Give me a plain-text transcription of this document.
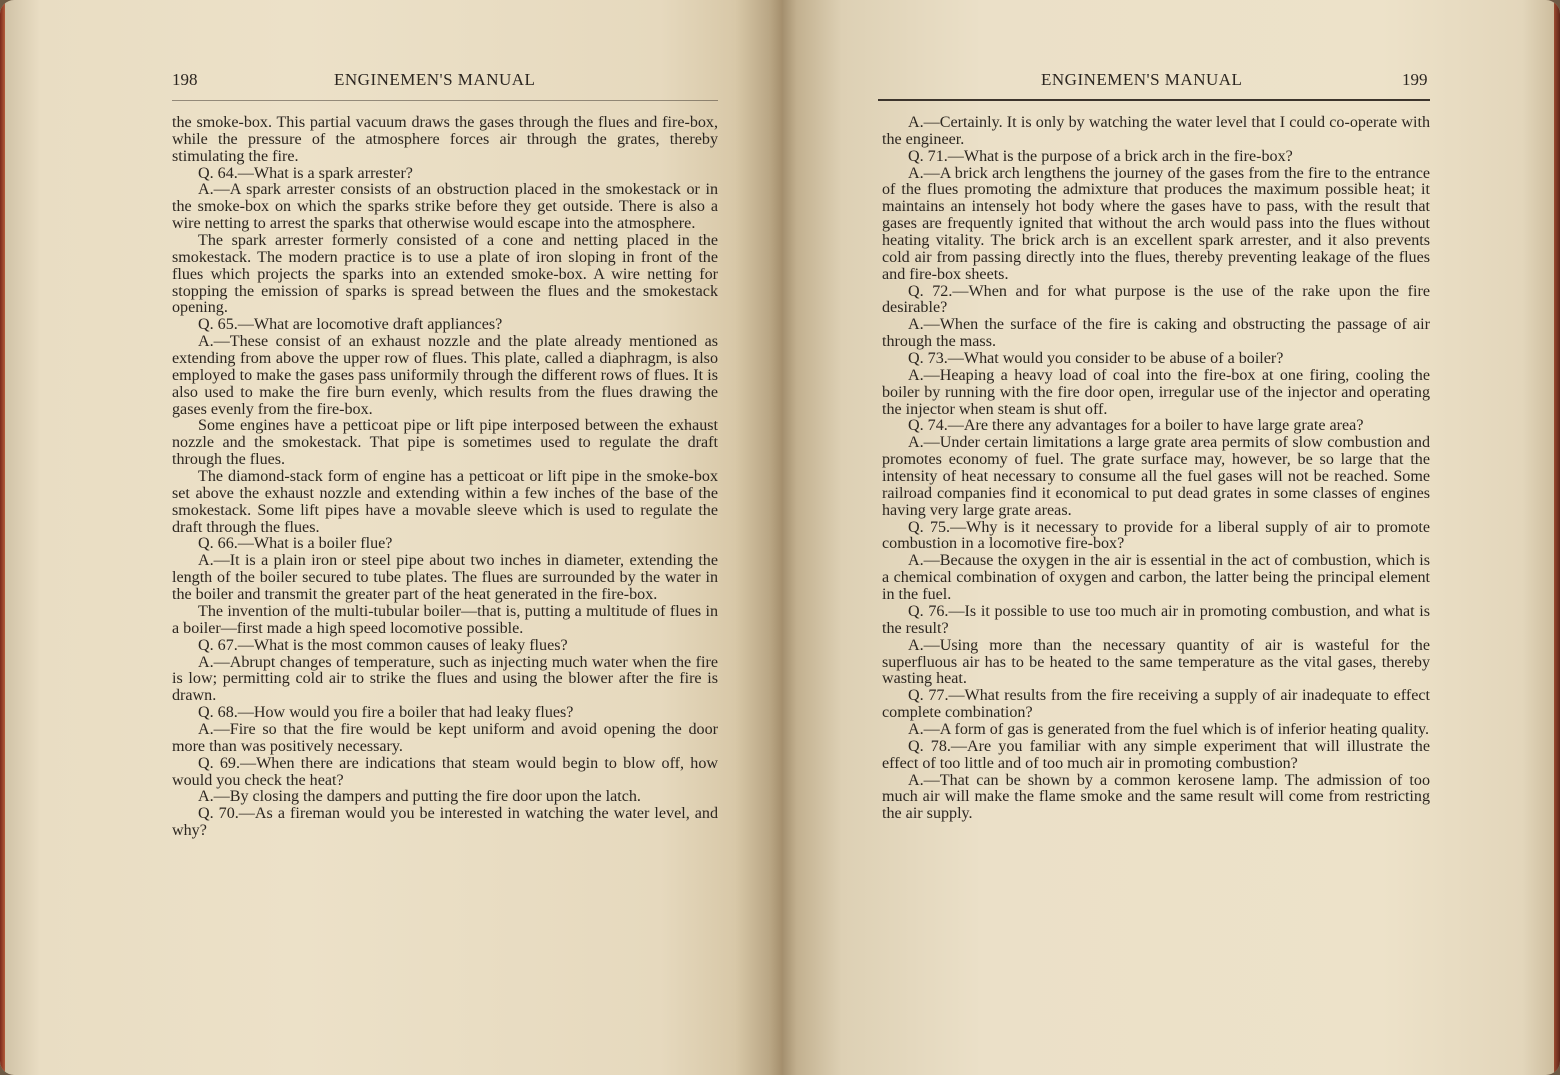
198	ENGINEMEN'S MANUAL

the smoke-box. This partial vacuum draws the gases through the flues and fire-box, while the pressure of the atmosphere forces air through the grates, thereby stimulating the fire.

Q. 64.—What is a spark arrester?

A.—A spark arrester consists of an obstruction placed in the smokestack or in the smoke-box on which the sparks strike before they get outside. There is also a wire netting to arrest the sparks that otherwise would escape into the atmosphere.

The spark arrester formerly consisted of a cone and netting placed in the smokestack. The modern practice is to use a plate of iron sloping in front of the flues which projects the sparks into an extended smoke-box. A wire netting for stopping the emission of sparks is spread between the flues and the smokestack opening.

Q. 65.—What are locomotive draft appliances?

A.—These consist of an exhaust nozzle and the plate already mentioned as extending from above the upper row of flues. This plate, called a diaphragm, is also employed to make the gases pass uniformily through the different rows of flues. It is also used to make the fire burn evenly, which results from the flues drawing the gases evenly from the fire-box.

Some engines have a petticoat pipe or lift pipe interposed between the exhaust nozzle and the smokestack. That pipe is sometimes used to regulate the draft through the flues.

The diamond-stack form of engine has a petticoat or lift pipe in the smoke-box set above the exhaust nozzle and extending within a few inches of the base of the smokestack. Some lift pipes have a movable sleeve which is used to regulate the draft through the flues.

Q. 66.—What is a boiler flue?

A.—It is a plain iron or steel pipe about two inches in diameter, extending the length of the boiler secured to tube plates. The flues are surrounded by the water in the boiler and transmit the greater part of the heat generated in the fire-box.

The invention of the multi-tubular boiler—that is, putting a multitude of flues in a boiler—first made a high speed locomotive possible.

Q. 67.—What is the most common causes of leaky flues?

A.—Abrupt changes of temperature, such as injecting much water when the fire is low; permitting cold air to strike the flues and using the blower after the fire is drawn.

Q. 68.—How would you fire a boiler that had leaky flues?

A.—Fire so that the fire would be kept uniform and avoid opening the door more than was positively necessary.

Q. 69.—When there are indications that steam would begin to blow off, how would you check the heat?

A.—By closing the dampers and putting the fire door upon the latch.

Q. 70.—As a fireman would you be interested in watching the water level, and why?

ENGINEMEN'S MANUAL	199

A.—Certainly. It is only by watching the water level that I could co-operate with the engineer.

Q. 71.—What is the purpose of a brick arch in the fire-box?

A.—A brick arch lengthens the journey of the gases from the fire to the entrance of the flues promoting the admixture that produces the maximum possible heat; it maintains an intensely hot body where the gases have to pass, with the result that gases are frequently ignited that without the arch would pass into the flues without heating vitality. The brick arch is an excellent spark arrester, and it also prevents cold air from passing directly into the flues, thereby preventing leakage of the flues and fire-box sheets.

Q. 72.—When and for what purpose is the use of the rake upon the fire desirable?

A.—When the surface of the fire is caking and obstructing the passage of air through the mass.

Q. 73.—What would you consider to be abuse of a boiler?

A.—Heaping a heavy load of coal into the fire-box at one firing, cooling the boiler by running with the fire door open, irregular use of the injector and operating the injector when steam is shut off.

Q. 74.—Are there any advantages for a boiler to have large grate area?

A.—Under certain limitations a large grate area permits of slow combustion and promotes economy of fuel. The grate surface may, however, be so large that the intensity of heat necessary to consume all the fuel gases will not be reached. Some railroad companies find it economical to put dead grates in some classes of engines having very large grate areas.

Q. 75.—Why is it necessary to provide for a liberal supply of air to promote combustion in a locomotive fire-box?

A.—Because the oxygen in the air is essential in the act of combustion, which is a chemical combination of oxygen and carbon, the latter being the principal element in the fuel.

Q. 76.—Is it possible to use too much air in promoting combustion, and what is the result?

A.—Using more than the necessary quantity of air is wasteful for the superfluous air has to be heated to the same temperature as the vital gases, thereby wasting heat.

Q. 77.—What results from the fire receiving a supply of air inadequate to effect complete combination?

A.—A form of gas is generated from the fuel which is of inferior heating quality.

Q. 78.—Are you familiar with any simple experiment that will illustrate the effect of too little and of too much air in promoting combustion?

A.—That can be shown by a common kerosene lamp. The admission of too much air will make the flame smoke and the same result will come from restricting the air supply.
